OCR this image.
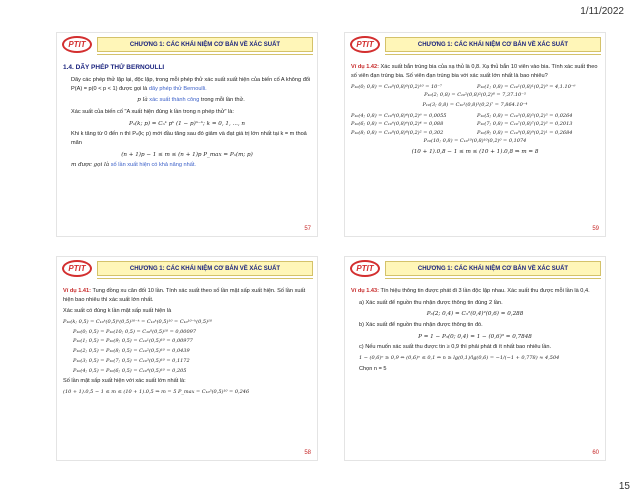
1/11/2022
PTIT	CHƯƠNG 1: CÁC KHÁI NIỆM CƠ BẢN VỀ XÁC SUẤT
1.4. DÃY PHÉP THỬ BERNOULLI

Dãy các phép thử lặp lại, độc lập, trong mỗi phép thử xác suất xuất hiện của biến cố A không đổi P(A) = p(0 < p < 1) được gọi là dãy phép thử Bernoulli.

p là xác suất thành công trong mỗi lần thử.

Xác suất của biến cố "A xuất hiện đúng k lần trong n phép thử" là:

Pₙ(k; p) = Cₙᵏ pᵏ (1 − p)ⁿ⁻ᵏ; k = 0, 1, ..., n

Khi k tăng từ 0 đến n thì Pₙ(k; p) mới đầu tăng sau đó giảm và đạt giá trị lớn nhất tại k = m thoả mãn

(n + 1)p − 1 ≤ m ≤ (n + 1)p P_max = Pₙ(m; p)

m được gọi là số lần xuất hiện có khả năng nhất.

57
PTIT	CHƯƠNG 1: CÁC KHÁI NIỆM CƠ BẢN VỀ XÁC SUẤT

Ví dụ 1.42: Xác suất bắn trúng bia của xạ thủ là 0,8. Xạ thủ bắn 10 viên vào bia. Tính xác suất theo số viên đạn trúng bia. Số viên đạn trúng bia với xác suất lớn nhất là bao nhiêu?

P₁₀(0; 0,8) = C₁₀⁰(0,8)⁰(0,2)¹⁰ = 10⁻⁷	P₁₀(1; 0,8) = C₁₀¹(0,8)¹(0,2)⁹ = 4,1.10⁻⁶
P₁₀(2; 0,8) = C₁₀²(0,8)²(0,2)⁸ = 7,37.10⁻⁵
P₁₀(3; 0,8) = C₁₀³(0,8)³(0,2)⁷ = 7,864.10⁻⁴
P₁₀(4; 0,8) = C₁₀⁴(0,8)⁴(0,2)⁶ = 0,0055	P₁₀(5; 0,8) = C₁₀⁵(0,8)⁵(0,2)⁵ = 0,0264
P₁₀(6; 0,8) = C₁₀⁶(0,8)⁶(0,2)⁴ = 0,088	P₁₀(7; 0,8) = C₁₀⁷(0,8)⁷(0,2)³ = 0,2013
P₁₀(8; 0,8) = C₁₀⁸(0,8)⁸(0,2)² = 0,302	P₁₀(9; 0,8) = C₁₀⁹(0,8)⁹(0,2)¹ = 0,2684
P₁₀(10; 0,8) = C₁₀¹⁰(0,8)¹⁰(0,2)⁰ = 0,1074
(10 + 1).0,8 − 1 ≤ m ≤ (10 + 1).0,8 ⇒ m = 8
59
PTIT	CHƯƠNG 1: CÁC KHÁI NIỆM CƠ BẢN VỀ XÁC SUẤT

Ví dụ 1.41: Tung đồng xu cân đối 10 lần. Tính xác suất theo số lần mặt sấp xuất hiện. Số lần xuất hiện bao nhiêu thì xác suất lớn nhất.

Xác suất có đúng k lần mặt sấp xuất hiện là

P₁₀(k; 0,5) = C₁₀ᵏ(0,5)ᵏ(0,5)¹⁰⁻ᵏ = C₁₀ᵏ(0,5)¹⁰ = C₁₀¹⁰⁻ᵏ(0,5)¹⁰
P₁₀(0; 0,5) = P₁₀(10; 0,5) = C₁₀⁰(0,5)¹⁰ = 0,00097
P₁₀(1; 0,5) = P₁₀(9; 0,5) = C₁₀¹(0,5)¹⁰ = 0,00977
P₁₀(2; 0,5) = P₁₀(8; 0,5) = C₁₀²(0,5)¹⁰ = 0,0439
P₁₀(3; 0,5) = P₁₀(7; 0,5) = C₁₀³(0,5)¹⁰ = 0,1172
P₁₀(4; 0,5) = P₁₀(6; 0,5) = C₁₀⁴(0,5)¹⁰ = 0,205

Số lần mặt sấp xuất hiện với xác suất lớn nhất là:

(10 + 1).0,5 − 1 ≤ m ≤ (10 + 1).0,5 ⇒ m = 5 P_max = C₁₀⁵(0,5)¹⁰ = 0,246
58
PTIT	CHƯƠNG 1: CÁC KHÁI NIỆM CƠ BẢN VỀ XÁC SUẤT

Ví dụ 1.43: Tín hiệu thông tin được phát đi 3 lần độc lập nhau. Xác suất thu được mỗi lần là 0,4.

a) Xác suất để nguồn thu nhận được thông tin đúng 2 lần.

P₃(2; 0,4) = C₃²(0,4)²(0,6) = 0,288

b) Xác suất để nguồn thu nhận được thông tin đó.

P = 1 − P₃(0; 0,4) = 1 − (0,6)³ = 0,7848

c) Nếu muốn xác suất thu được tin ≥ 0,9 thì phải phát đi ít nhất bao nhiêu lần.

1 − (0,6)ⁿ ≥ 0,9 ⇔ (0,6)ⁿ ≤ 0,1 ⇔ n ≥ lg(0,1)/lg(0,6) = −1/(−1 + 0,778) ≈ 4,504

Chọn n = 5

60
15
